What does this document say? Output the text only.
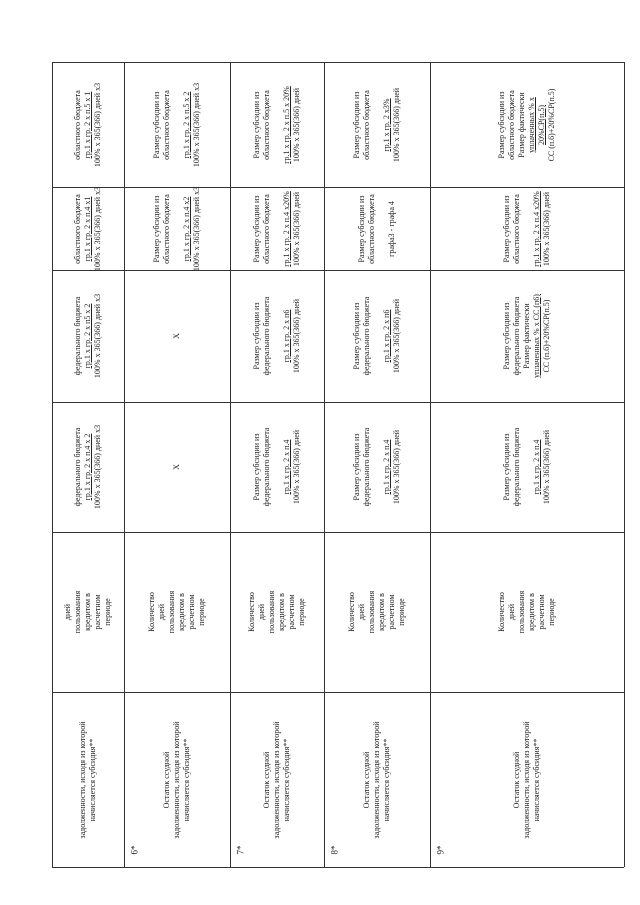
областного бюджета гр.1 х гр. 2 х п.5 х 1 100% х 365(366) дней х3
областного бюджета гр.1 х гр. 2 х п.4 х1 100% х 365(366) дней х3
федерального бюджета гр.1 х гр. 2 х п5 х 2 100% х 365(366) дней х3
федерального бюджета гр.1 х гр. 2 х п.4 х 2 100% х 365(366) дней х3
дней пользования кредитом в расчетном периоде
задолженности, исходя из которой начисляется субсидия**
Размер субсидии из областного бюджета
гр.1 х гр. 2 х п.5 х 2 100% х 365(366) дней х3
Размер субсидии из областного бюджета
гр.1 х гр. 2 х п.4 х2 100% х 365(366) дней х3
Х
Х
Количество дней пользования кредитом в расчетном периоде
Остаток ссудной задолженности, исходя из которой начисляется субсидия**
6*
Размер субсидии из областного бюджета
гр.1 х гр. 2 х п.5 х 20% 100% х 365(366) дней
Размер субсидии из областного бюджета
гр.1 х гр. 2 х п.4 х20% 100% х 365(366) дней
Размер субсидии из федерального бюджета
гр.1 х гр. 2 х п6 100% х 365(366) дней
Размер субсидии из федерального бюджета
гр.1 х гр. 2 х п.4 100% х 365(366) дней
Количество дней пользования кредитом в расчетном периоде
Остаток ссудной задолженности, исходя из которой начисляется субсидия**
7*
Размер субсидии из областного бюджета
гр.1 х гр. 2 х3% 100% х 365(366) дней
Размер субсидии из областного бюджета
графа3 - графа 4
Размер субсидии из федерального бюджета
гр.1 х гр. 2 х п6 100% х 365(366) дней
Размер субсидии из федерального бюджета
гр.1 х гр. 2 х п.4 100% х 365(366) дней
Количество дней пользования кредитом в расчетном периоде
Остаток ссудной задолженности, исходя из которой начисляется субсидия**
8*
Размер субсидии из областного бюджета Размер фактически уплаченных % х 20%СР(п.5) СС (п.6)+20%СР(п.5)
Размер субсидии из областного бюджета
гр.1 х гр. 2 х п.4 х20% 100% х 365(366) дней
Размер субсидии из федерального бюджета Размер фактически уплаченных % х СС (п6) СС (п.6)+20%СР(п.5)
Размер субсидии из федерального бюджета
гр.1 х гр. 2 х п.4 100% х 365(366) дней
Количество дней пользования кредитом в расчетном периоде
Остаток ссудной задолженности, исходя из которой начисляется субсидия**
9*
